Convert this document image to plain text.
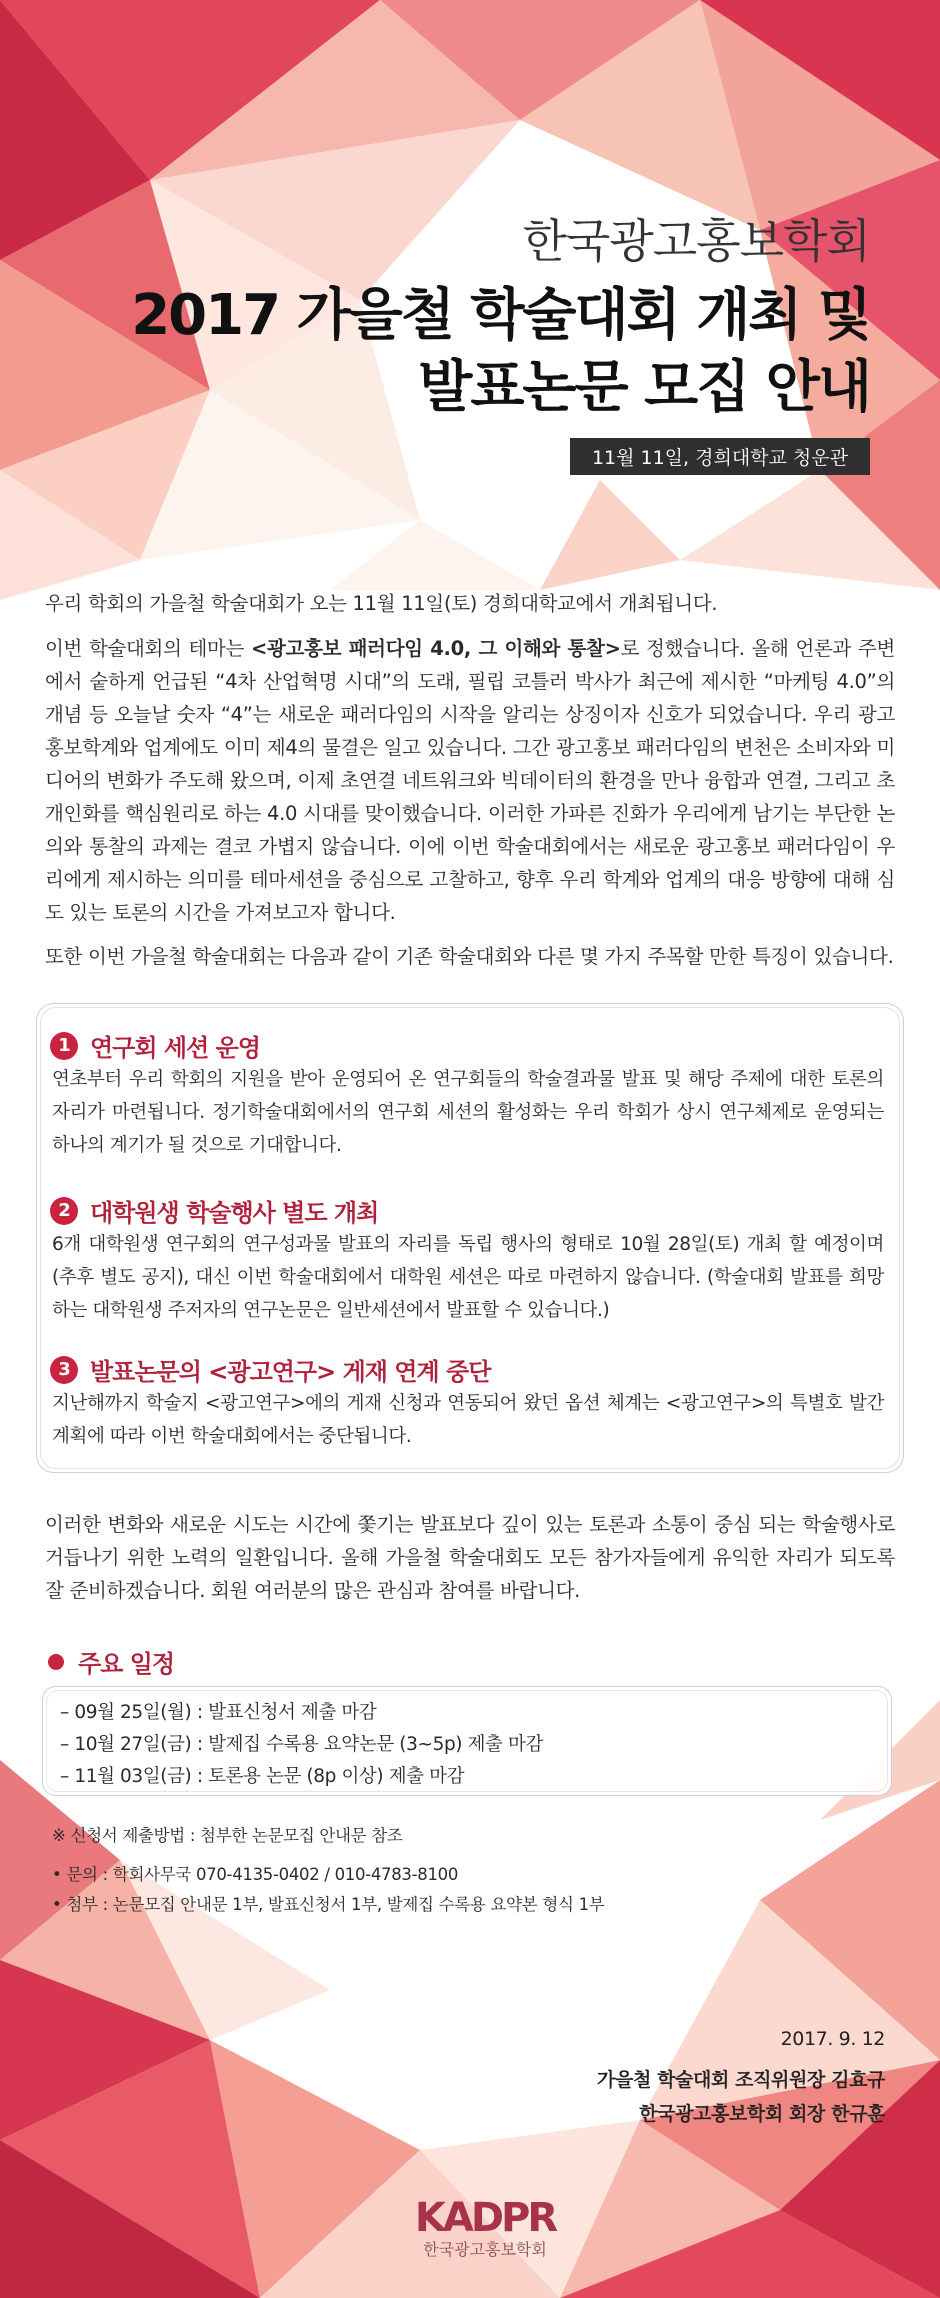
한국광고홍보학회
2017 가을철 학술대회 개최 및
발표논문 모집 안내
11월 11일, 경희대학교 청운관
우리 학회의 가을철 학술대회가 오는 11월 11일(토) 경희대학교에서 개최됩니다.
이번 학술대회의 테마는 <광고홍보 패러다임 4.0, 그 이해와 통찰>로 정했습니다. 올해 언론과 주변에서 숱하게 언급된 “4차 산업혁명 시대”의 도래, 필립 코틀러 박사가 최근에 제시한 “마케팅 4.0”의 개념 등 오늘날 숫자 “4”는 새로운 패러다임의 시작을 알리는 상징이자 신호가 되었습니다. 우리 광고홍보학계와 업계에도 이미 제4의 물결은 일고 있습니다. 그간 광고홍보 패러다임의 변천은 소비자와 미디어의 변화가 주도해 왔으며, 이제 초연결 네트워크와 빅데이터의 환경을 만나 융합과 연결, 그리고 초개인화를 핵심원리로 하는 4.0 시대를 맞이했습니다. 이러한 가파른 진화가 우리에게 남기는 부단한 논의와 통찰의 과제는 결코 가볍지 않습니다. 이에 이번 학술대회에서는 새로운 광고홍보 패러다임이 우리에게 제시하는 의미를 테마세션을 중심으로 고찰하고, 향후 우리 학계와 업계의 대응 방향에 대해 심도 있는 토론의 시간을 가져보고자 합니다.
또한 이번 가을철 학술대회는 다음과 같이 기존 학술대회와 다른 몇 가지 주목할 만한 특징이 있습니다.
1 연구회 세션 운영
연초부터 우리 학회의 지원을 받아 운영되어 온 연구회들의 학술결과물 발표 및 해당 주제에 대한 토론의 자리가 마련됩니다. 정기학술대회에서의 연구회 세션의 활성화는 우리 학회가 상시 연구체제로 운영되는 하나의 계기가 될 것으로 기대합니다.
2 대학원생 학술행사 별도 개최
6개 대학원생 연구회의 연구성과물 발표의 자리를 독립 행사의 형태로 10월 28일(토) 개최 할 예정이며 (추후 별도 공지), 대신 이번 학술대회에서 대학원 세션은 따로 마련하지 않습니다. (학술대회 발표를 희망하는 대학원생 주저자의 연구논문은 일반세션에서 발표할 수 있습니다.)
3 발표논문의 <광고연구> 게재 연계 중단
지난해까지 학술지 <광고연구>에의 게재 신청과 연동되어 왔던 옵션 체계는 <광고연구>의 특별호 발간 계획에 따라 이번 학술대회에서는 중단됩니다.
이러한 변화와 새로운 시도는 시간에 쫓기는 발표보다 깊이 있는 토론과 소통이 중심 되는 학술행사로 거듭나기 위한 노력의 일환입니다. 올해 가을철 학술대회도 모든 참가자들에게 유익한 자리가 되도록 잘 준비하겠습니다. 회원 여러분의 많은 관심과 참여를 바랍니다.
주요 일정
– 09월 25일(월) : 발표신청서 제출 마감
– 10월 27일(금) : 발제집 수록용 요약논문 (3~5p) 제출 마감
– 11월 03일(금) : 토론용 논문 (8p 이상) 제출 마감
※ 신청서 제출방법 : 첨부한 논문모집 안내문 참조
• 문의 : 학회사무국 070-4135-0402 / 010-4783-8100
• 첨부 : 논문모집 안내문 1부, 발표신청서 1부, 발제집 수록용 요약본 형식 1부
2017. 9. 12
가을철 학술대회 조직위원장 김효규
한국광고홍보학회 회장 한규훈
KADPR
한국광고홍보학회
